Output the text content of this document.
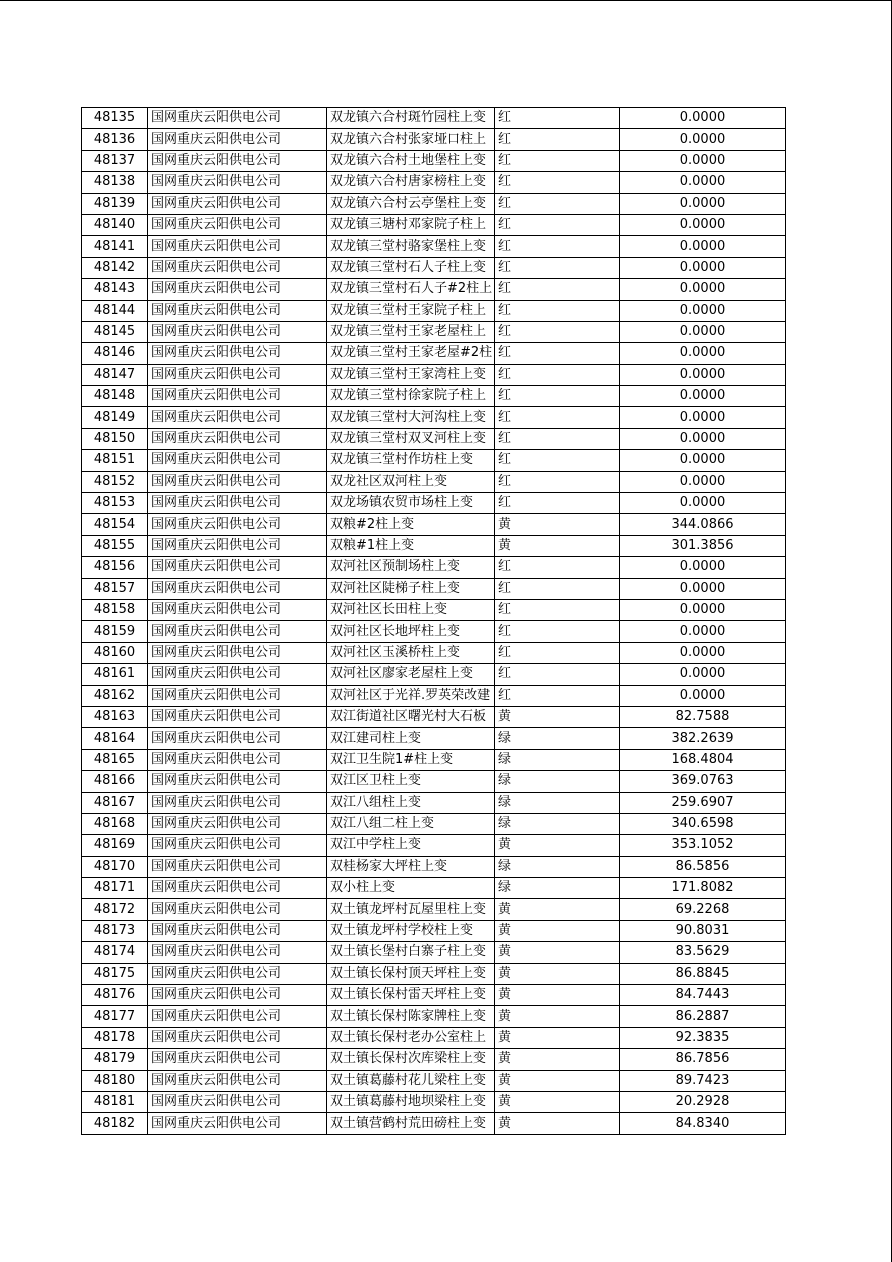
48135	国网重庆云阳供电公司	双龙镇六合村斑竹园柱上变	红	0.0000
48136	国网重庆云阳供电公司	双龙镇六合村张家垭口柱上	红	0.0000
48137	国网重庆云阳供电公司	双龙镇六合村土地堡柱上变	红	0.0000
48138	国网重庆云阳供电公司	双龙镇六合村唐家榜柱上变	红	0.0000
48139	国网重庆云阳供电公司	双龙镇六合村云亭堡柱上变	红	0.0000
48140	国网重庆云阳供电公司	双龙镇三塘村邓家院子柱上	红	0.0000
48141	国网重庆云阳供电公司	双龙镇三堂村骆家堡柱上变	红	0.0000
48142	国网重庆云阳供电公司	双龙镇三堂村石人子柱上变	红	0.0000
48143	国网重庆云阳供电公司	双龙镇三堂村石人子#2柱上	红	0.0000
48144	国网重庆云阳供电公司	双龙镇三堂村王家院子柱上	红	0.0000
48145	国网重庆云阳供电公司	双龙镇三堂村王家老屋柱上	红	0.0000
48146	国网重庆云阳供电公司	双龙镇三堂村王家老屋#2柱	红	0.0000
48147	国网重庆云阳供电公司	双龙镇三堂村王家湾柱上变	红	0.0000
48148	国网重庆云阳供电公司	双龙镇三堂村徐家院子柱上	红	0.0000
48149	国网重庆云阳供电公司	双龙镇三堂村大河沟柱上变	红	0.0000
48150	国网重庆云阳供电公司	双龙镇三堂村双叉河柱上变	红	0.0000
48151	国网重庆云阳供电公司	双龙镇三堂村作坊柱上变	红	0.0000
48152	国网重庆云阳供电公司	双龙社区双河柱上变	红	0.0000
48153	国网重庆云阳供电公司	双龙场镇农贸市场柱上变	红	0.0000
48154	国网重庆云阳供电公司	双粮#2柱上变	黄	344.0866
48155	国网重庆云阳供电公司	双粮#1柱上变	黄	301.3856
48156	国网重庆云阳供电公司	双河社区预制场柱上变	红	0.0000
48157	国网重庆云阳供电公司	双河社区陡梯子柱上变	红	0.0000
48158	国网重庆云阳供电公司	双河社区长田柱上变	红	0.0000
48159	国网重庆云阳供电公司	双河社区长地坪柱上变	红	0.0000
48160	国网重庆云阳供电公司	双河社区玉溪桥柱上变	红	0.0000
48161	国网重庆云阳供电公司	双河社区廖家老屋柱上变	红	0.0000
48162	国网重庆云阳供电公司	双河社区于光祥.罗英荣改建	红	0.0000
48163	国网重庆云阳供电公司	双江街道社区曙光村大石板	黄	82.7588
48164	国网重庆云阳供电公司	双江建司柱上变	绿	382.2639
48165	国网重庆云阳供电公司	双江卫生院1#柱上变	绿	168.4804
48166	国网重庆云阳供电公司	双江区卫柱上变	绿	369.0763
48167	国网重庆云阳供电公司	双江八组柱上变	绿	259.6907
48168	国网重庆云阳供电公司	双江八组二柱上变	绿	340.6598
48169	国网重庆云阳供电公司	双江中学柱上变	黄	353.1052
48170	国网重庆云阳供电公司	双桂杨家大坪柱上变	绿	86.5856
48171	国网重庆云阳供电公司	双小柱上变	绿	171.8082
48172	国网重庆云阳供电公司	双土镇龙坪村瓦屋里柱上变	黄	69.2268
48173	国网重庆云阳供电公司	双土镇龙坪村学校柱上变	黄	90.8031
48174	国网重庆云阳供电公司	双土镇长堡村白寨子柱上变	黄	83.5629
48175	国网重庆云阳供电公司	双土镇长保村顶天坪柱上变	黄	86.8845
48176	国网重庆云阳供电公司	双土镇长保村雷天坪柱上变	黄	84.7443
48177	国网重庆云阳供电公司	双土镇长保村陈家牌柱上变	黄	86.2887
48178	国网重庆云阳供电公司	双土镇长保村老办公室柱上	黄	92.3835
48179	国网重庆云阳供电公司	双土镇长保村次库梁柱上变	黄	86.7856
48180	国网重庆云阳供电公司	双土镇葛藤村花儿梁柱上变	黄	89.7423
48181	国网重庆云阳供电公司	双土镇葛藤村地坝梁柱上变	黄	20.2928
48182	国网重庆云阳供电公司	双土镇营鹤村荒田磅柱上变	黄	84.8340
